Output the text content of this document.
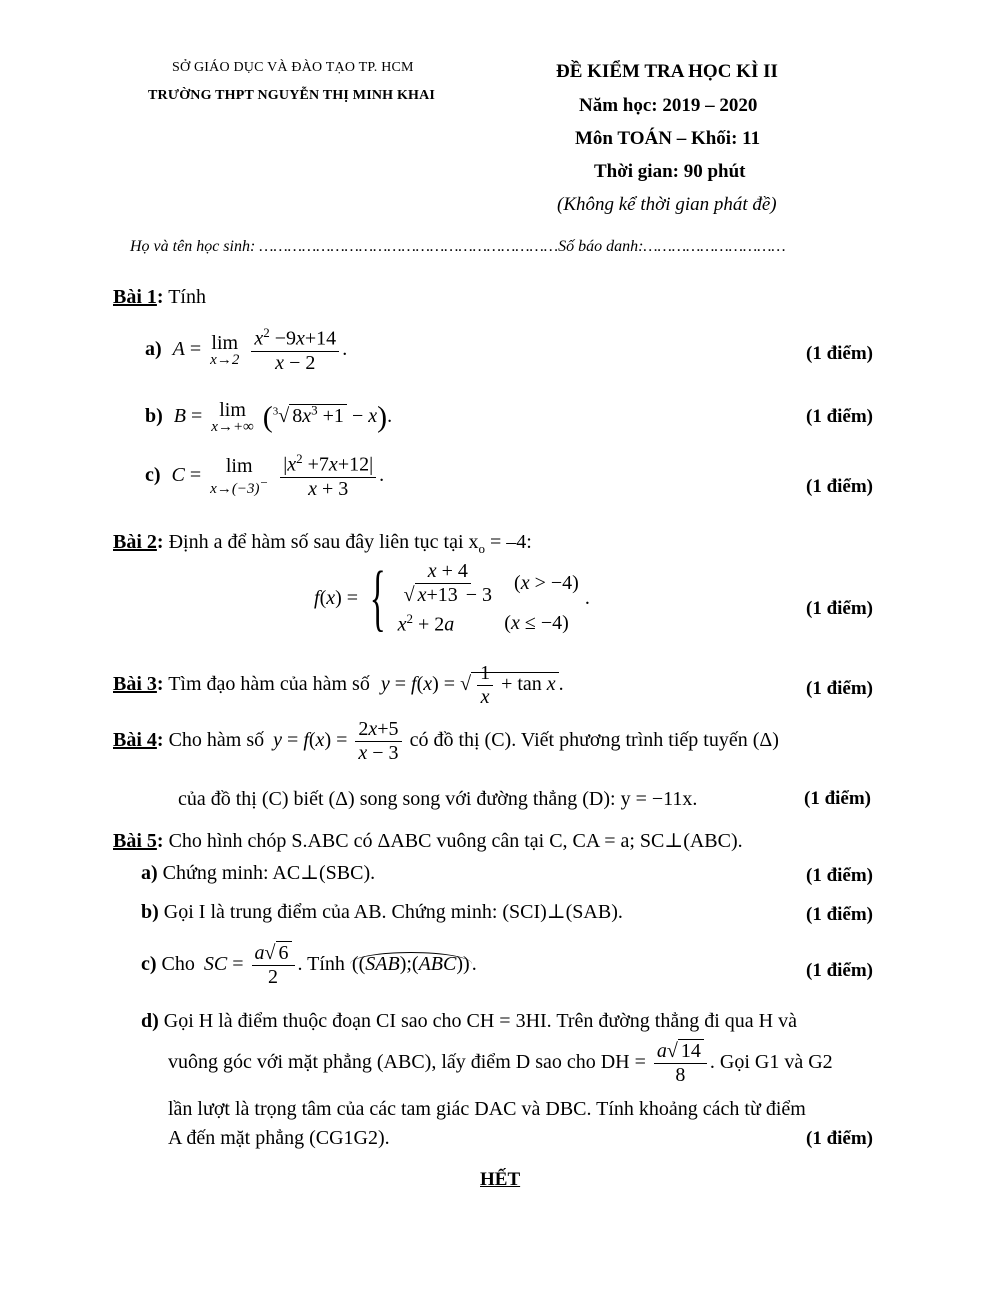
SỞ GIÁO DỤC VÀ ĐÀO TẠO TP. HCM
TRƯỜNG THPT NGUYỄN THỊ MINH KHAI
ĐỀ KIỂM TRA HỌC KÌ II
Năm học: 2019 – 2020
Môn TOÁN – Khối: 11
Thời gian: 90 phút
(Không kể thời gian phát đề)
Họ và tên học sinh: ………………………………………………………Số báo danh:…………………………
Bài 1: Tính
a) A = lim
x→2
$\frac{x^2 -9x+14}{x - 2}$ .	(1 điểm)
b) B = lim
x→+∞ ($^3$√ $8x^3 +1 - x$).	(1 điểm)
c) C = lim
x→(−3)−
$\frac{|x^2 +7x+12|}{x + 3}$ .
(1 điểm)
Bài 2: Định a để hàm số sau đây liên tục tại $x_o = -4$:
f(x) = { $\frac{x + 4}{√ x+13 - 3} (x > -4)$
$x^2 + 2a$	(x ≤ −4)
.	(1 điểm)
Bài 3: Tìm đạo hàm của hàm số y = f(x) = √ $\frac{1}{x} + \tan x$ .	(1 điểm)
Bài 4: Cho hàm số $y = f(x) = \frac{2x+5}{x - 3}$ có đồ thị (C). Viết phương trình tiếp tuyến (Δ)
của đồ thị (C) biết (Δ) song song với đường thẳng (D): y = −11x.	(1 điểm)
Bài 5: Cho hình chóp S.ABC có ΔABC vuông cân tại C, CA = a; SC⊥(ABC).
a) Chứng minh: AC⊥(SBC).	(1 điểm)
b) Gọi I là trung điểm của AB. Chứng minh: (SCI)⊥(SAB).	(1 điểm)
c) Cho SC = $\frac{a√ 6}{2}$ . Tính ((SAB);(ABC)) .	(1 điểm)
d) Gọi H là điểm thuộc đoạn CI sao cho CH = 3HI. Trên đường thẳng đi qua H và
vuông góc với mặt phẳng (ABC), lấy điểm D sao cho DH = $\frac{a√ 14}{8}$ . Gọi G1 và G2
lần lượt là trọng tâm của các tam giác DAC và DBC. Tính khoảng cách từ điểm
A đến mặt phẳng (CG1G2).	(1 điểm)
HẾT
